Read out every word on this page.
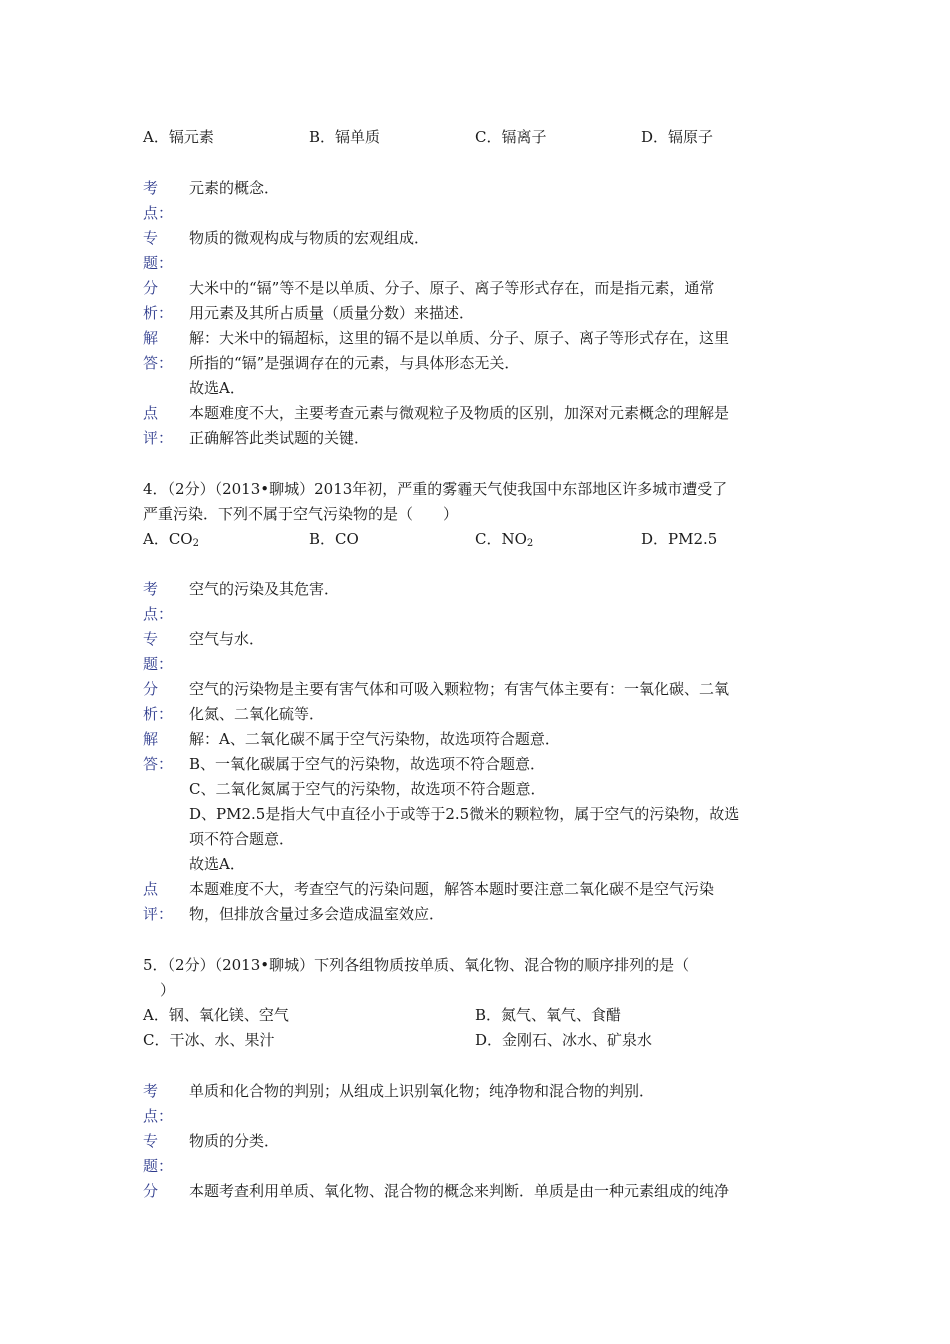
A．镉元素	B．镉单质	C．镉离子	D．镉原子
考
点：
元素的概念．
专
题：
物质的微观构成与物质的宏观组成．
分
析：
大米中的“镉”等不是以单质、分子、原子、离子等形式存在，而是指元素，通常
用元素及其所占质量（质量分数）来描述．
解
答：
解：大米中的镉超标，这里的镉不是以单质、分子、原子、离子等形式存在，这里
所指的“镉”是强调存在的元素，与具体形态无关．
故选A．
点
评：
本题难度不大，主要考查元素与微观粒子及物质的区别，加深对元素概念的理解是
正确解答此类试题的关键．
4．（2分）（2013•聊城）2013年初，严重的雾霾天气使我国中东部地区许多城市遭受了
严重污染．下列不属于空气污染物的是（　　）
A．$CO_2$	B．CO	C．$NO_2$	D．PM2.5
考
点：
空气的污染及其危害．
专
题：
空气与水．
分
析：
空气的污染物是主要有害气体和可吸入颗粒物；有害气体主要有：一氧化碳、二氧
化氮、二氧化硫等．
解
答：
解：A、二氧化碳不属于空气污染物，故选项符合题意．
B、一氧化碳属于空气的污染物，故选项不符合题意．
C、二氧化氮属于空气的污染物，故选项不符合题意．
D、PM2.5是指大气中直径小于或等于2.5微米的颗粒物，属于空气的污染物，故选
项不符合题意．
故选A．
点
评：
本题难度不大，考查空气的污染问题，解答本题时要注意二氧化碳不是空气污染
物，但排放含量过多会造成温室效应．
5．（2分）（2013•聊城）下列各组物质按单质、氧化物、混合物的顺序排列的是（
）
A．钢、氧化镁、空气	B．氮气、氧气、食醋
C．干冰、水、果汁	D．金刚石、冰水、矿泉水
考
点：
单质和化合物的判别；从组成上识别氧化物；纯净物和混合物的判别．
专
题：
物质的分类．
分 本题考查利用单质、氧化物、混合物的概念来判断．单质是由一种元素组成的纯净
